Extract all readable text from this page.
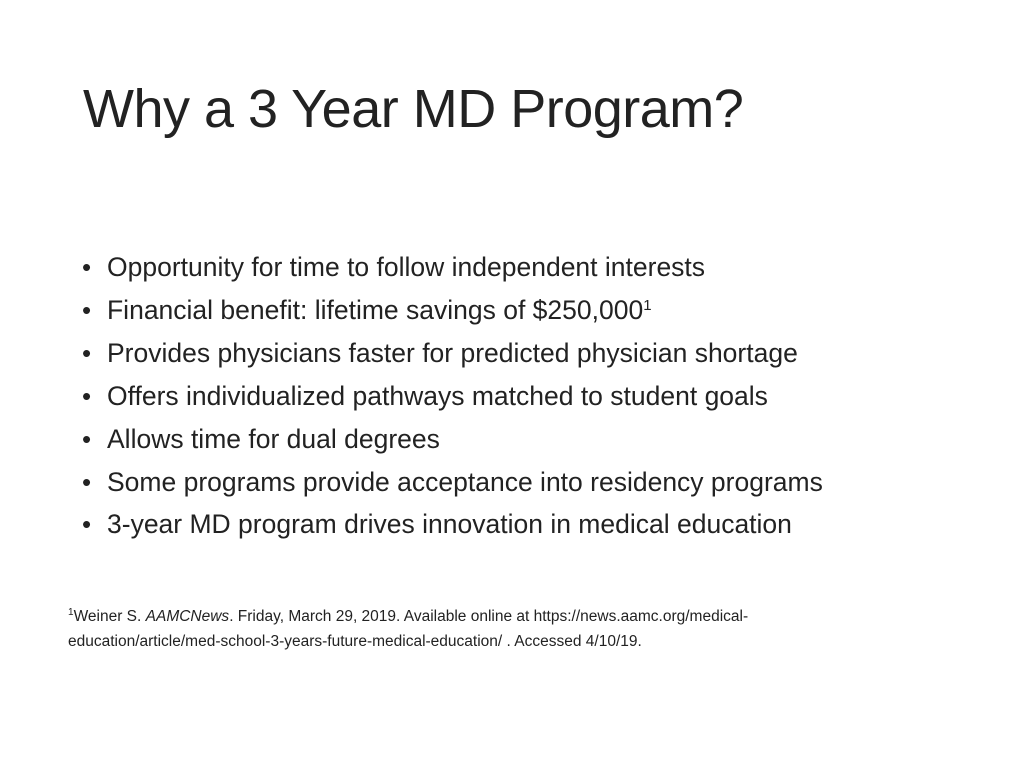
Why a 3 Year MD Program?
• Opportunity for time to follow independent interests
• Financial benefit: lifetime savings of $250,000$^1$
• Provides physicians faster for predicted physician shortage
• Offers individualized pathways matched to student goals
• Allows time for dual degrees
• Some programs provide acceptance into residency programs
• 3-year MD program drives innovation in medical education

$^1$Weiner S. AAMCNews. Friday, March 29, 2019. Available online at https://news.aamc.org/medical-
education/article/med-school-3-years-future-medical-education/ . Accessed 4/10/19.
